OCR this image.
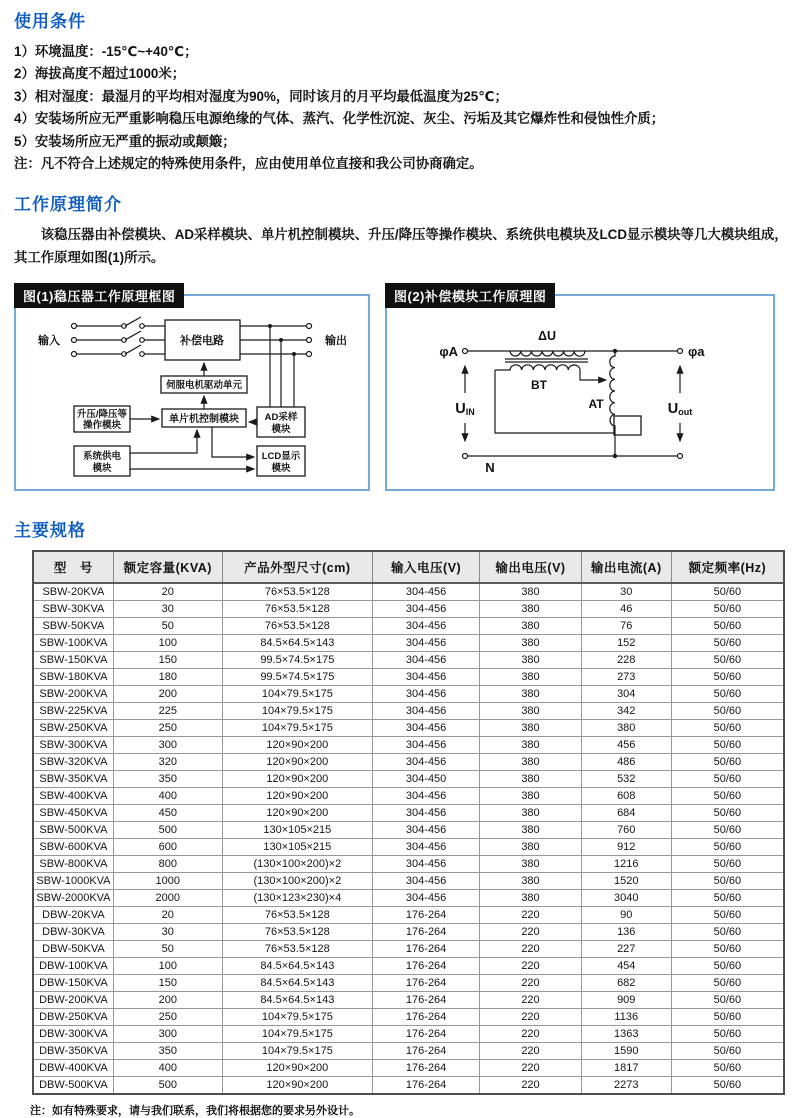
使用条件
1）环境温度：-15℃~+40℃；
2）海拔高度不超过1000米；
3）相对湿度：最湿月的平均相对湿度为90%，同时该月的月平均最低温度为25℃；
4）安装场所应无严重影响稳压电源绝缘的气体、蒸汽、化学性沉淀、灰尘、污垢及其它爆炸性和侵蚀性介质；
5）安装场所应无严重的振动或颠簸；
注：凡不符合上述规定的特殊使用条件，应由使用单位直接和我公司协商确定。
工作原理简介

该稳压器由补偿模块、AD采样模块、单片机控制模块、升压/降压等操作模块、系统供电模块及LCD显示模块等几大模块组成，其工作原理如图(1)所示。

图(1)稳压器工作原理框图
输入	输出
补偿电路
伺服电机驱动单元
单片机控制模块
升压/降压等
操作模块
AD采样
模块
系统供电
模块
LCD显示
模块
图(2)补偿模块工作原理图
φA	φa
ΔU
BT
AT
UIN	Uout
N
主要规格
型　号	额定容量(KVA)	产品外型尺寸(cm)	输入电压(V)	输出电压(V)	输出电流(A)	额定频率(Hz)
SBW-20KVA	20	76×53.5×128	304-456	380	30	50/60
SBW-30KVA	30	76×53.5×128	304-456	380	46	50/60
SBW-50KVA	50	76×53.5×128	304-456	380	76	50/60
SBW-100KVA	100	84.5×64.5×143	304-456	380	152	50/60
SBW-150KVA	150	99.5×74.5×175	304-456	380	228	50/60
SBW-180KVA	180	99.5×74.5×175	304-456	380	273	50/60
SBW-200KVA	200	104×79.5×175	304-456	380	304	50/60
SBW-225KVA	225	104×79.5×175	304-456	380	342	50/60
SBW-250KVA	250	104×79.5×175	304-456	380	380	50/60
SBW-300KVA	300	120×90×200	304-456	380	456	50/60
SBW-320KVA	320	120×90×200	304-456	380	486	50/60
SBW-350KVA	350	120×90×200	304-450	380	532	50/60
SBW-400KVA	400	120×90×200	304-456	380	608	50/60
SBW-450KVA	450	120×90×200	304-456	380	684	50/60
SBW-500KVA	500	130×105×215	304-456	380	760	50/60
SBW-600KVA	600	130×105×215	304-456	380	912	50/60
SBW-800KVA	800	(130×100×200)×2	304-456	380	1216	50/60
SBW-1000KVA	1000	(130×100×200)×2	304-456	380	1520	50/60
SBW-2000KVA	2000	(130×123×230)×4	304-456	380	3040	50/60
DBW-20KVA	20	76×53.5×128	176-264	220	90	50/60
DBW-30KVA	30	76×53.5×128	176-264	220	136	50/60
DBW-50KVA	50	76×53.5×128	176-264	220	227	50/60
DBW-100KVA	100	84.5×64.5×143	176-264	220	454	50/60
DBW-150KVA	150	84.5×64.5×143	176-264	220	682	50/60
DBW-200KVA	200	84.5×64.5×143	176-264	220	909	50/60
DBW-250KVA	250	104×79.5×175	176-264	220	1136	50/60
DBW-300KVA	300	104×79.5×175	176-264	220	1363	50/60
DBW-350KVA	350	104×79.5×175	176-264	220	1590	50/60
DBW-400KVA	400	120×90×200	176-264	220	1817	50/60
DBW-500KVA	500	120×90×200	176-264	220	2273	50/60
注：如有特殊要求，请与我们联系，我们将根据您的要求另外设计。
